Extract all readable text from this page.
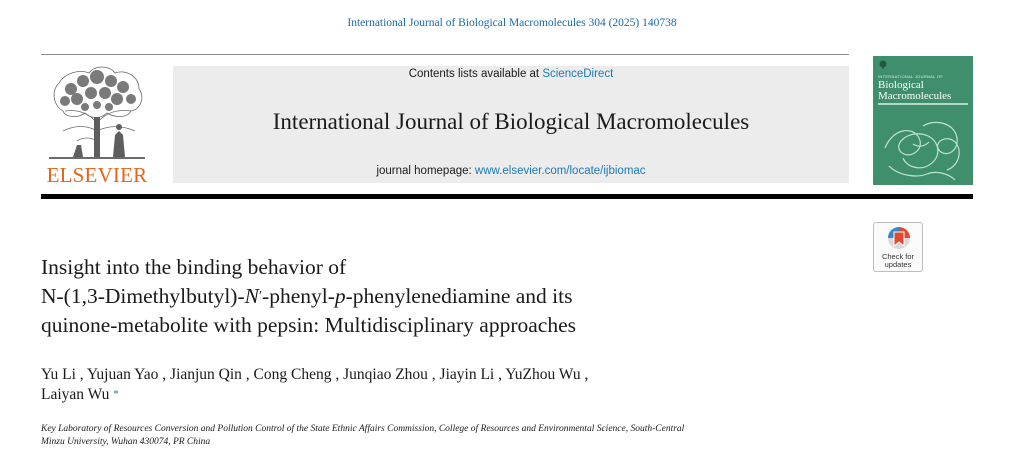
International Journal of Biological Macromolecules 304 (2025) 140738
ELSEVIER
Contents lists available at ScienceDirect
International Journal of Biological Macromolecules
journal homepage: www.elsevier.com/locate/ijbiomac
INTERNATIONAL JOURNAL OF
Biological
Macromolecules
Check for
updates
Insight into the binding behavior of
N-(1,3-Dimethylbutyl)-N′-phenyl-p-phenylenediamine and its
quinone-metabolite with pepsin: Multidisciplinary approaches
Yu Li , Yujuan Yao , Jianjun Qin , Cong Cheng , Junqiao Zhou , Jiayin Li , YuZhou Wu ,
Laiyan Wu *
Key Laboratory of Resources Conversion and Pollution Control of the State Ethnic Affairs Commission, College of Resources and Environmental Science, South-Central
Minzu University, Wuhan 430074, PR China
